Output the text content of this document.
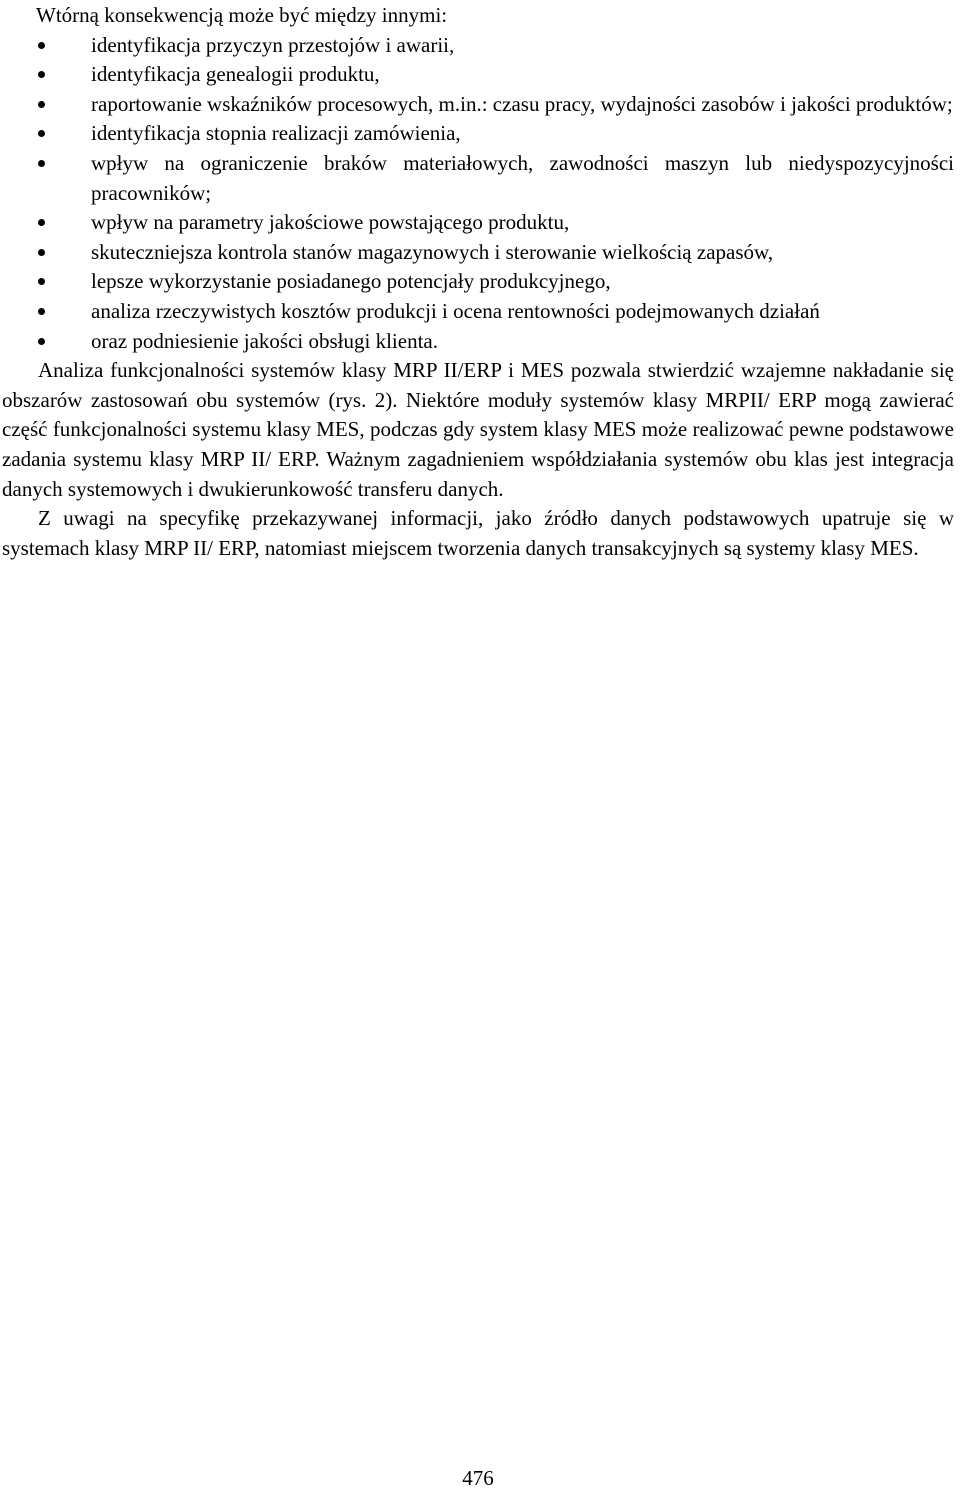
Wtórną konsekwencją może być między innymi:

identyfikacja przyczyn przestojów i awarii,
identyfikacja genealogii produktu,
raportowanie wskaźników procesowych, m.in.: czasu pracy, wydajności zasobów i jakości produktów;
identyfikacja stopnia realizacji zamówienia,
wpływ na ograniczenie braków materiałowych, zawodności maszyn lub niedyspozycyjności pracowników;
wpływ na parametry jakościowe powstającego produktu,
skuteczniejsza kontrola stanów magazynowych i sterowanie wielkością zapasów,
lepsze wykorzystanie posiadanego potencjały produkcyjnego,
analiza rzeczywistych kosztów produkcji i ocena rentowności podejmowanych działań
oraz podniesienie jakości obsługi klienta.

Analiza funkcjonalności systemów klasy MRP II/ERP i MES pozwala stwierdzić wzajemne nakładanie się obszarów zastosowań obu systemów (rys. 2). Niektóre moduły systemów klasy MRPII/ ERP mogą zawierać część funkcjonalności systemu klasy MES, podczas gdy system klasy MES może realizować pewne podstawowe zadania systemu klasy MRP II/ ERP. Ważnym zagadnieniem współdziałania systemów obu klas jest integracja danych systemowych i dwukierunkowość transferu danych.

Z uwagi na specyfikę przekazywanej informacji, jako źródło danych podstawowych upatruje się w systemach klasy MRP II/ ERP, natomiast miejscem tworzenia danych transakcyjnych są systemy klasy MES.

476
